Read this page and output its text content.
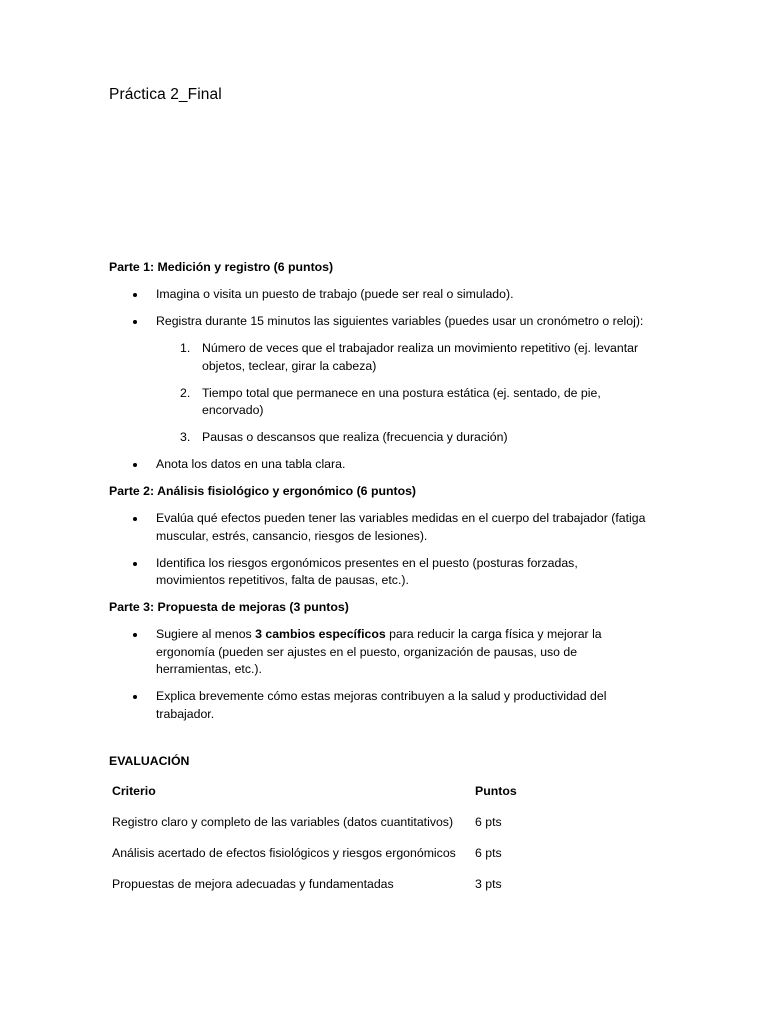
Práctica 2_Final
Parte 1: Medición y registro (6 puntos)
Imagina o visita un puesto de trabajo (puede ser real o simulado).
Registra durante 15 minutos las siguientes variables (puedes usar un cronómetro o reloj):
1. Número de veces que el trabajador realiza un movimiento repetitivo (ej. levantar objetos, teclear, girar la cabeza)
2. Tiempo total que permanece en una postura estática (ej. sentado, de pie, encorvado)
3. Pausas o descansos que realiza (frecuencia y duración)
Anota los datos en una tabla clara.
Parte 2: Análisis fisiológico y ergonómico (6 puntos)
Evalúa qué efectos pueden tener las variables medidas en el cuerpo del trabajador (fatiga muscular, estrés, cansancio, riesgos de lesiones).
Identifica los riesgos ergonómicos presentes en el puesto (posturas forzadas, movimientos repetitivos, falta de pausas, etc.).
Parte 3: Propuesta de mejoras (3 puntos)
Sugiere al menos 3 cambios específicos para reducir la carga física y mejorar la ergonomía (pueden ser ajustes en el puesto, organización de pausas, uso de herramientas, etc.).
Explica brevemente cómo estas mejoras contribuyen a la salud y productividad del trabajador.
EVALUACIÓN
Criterio	Puntos
Registro claro y completo de las variables (datos cuantitativos)	6 pts
Análisis acertado de efectos fisiológicos y riesgos ergonómicos	6 pts
Propuestas de mejora adecuadas y fundamentadas	3 pts
